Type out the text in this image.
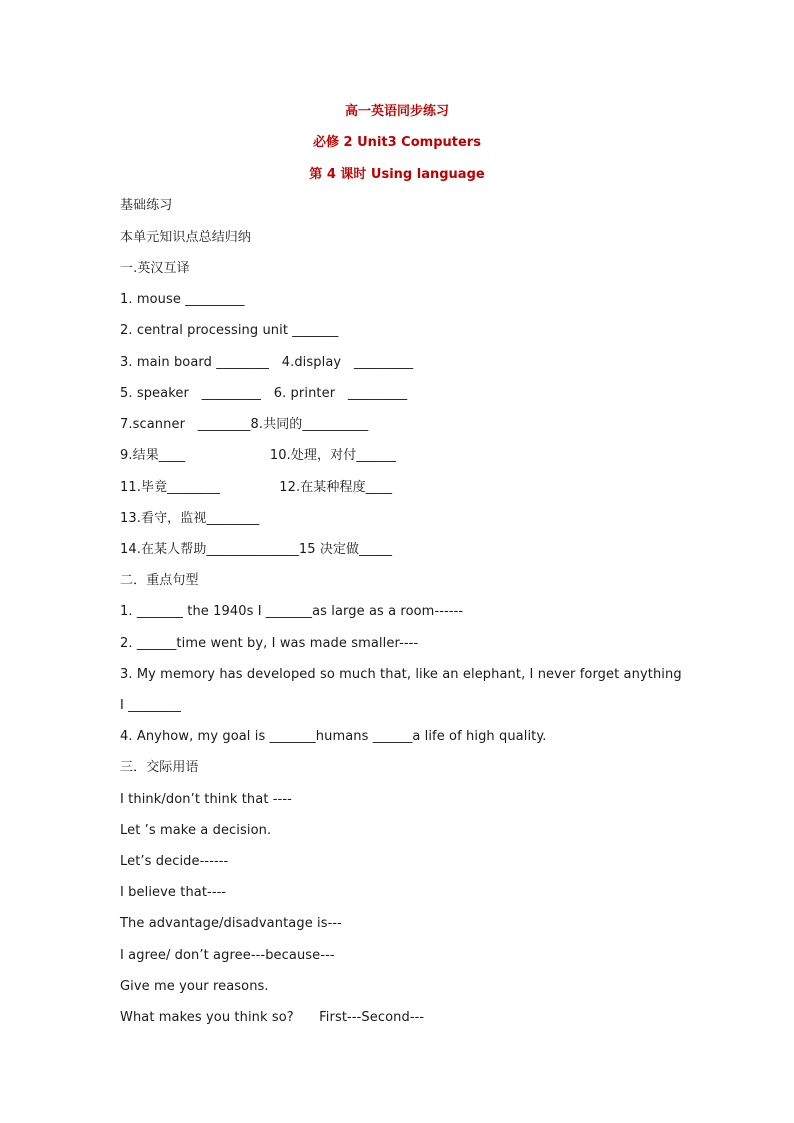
高一英语同步练习
必修 2 Unit3 Computers
第 4 课时 Using language
基础练习
本单元知识点总结归纳
一.英汉互译
1. mouse _________
2. central processing unit _______
3. main board ________   4.display   _________
5. speaker   _________   6. printer   _________
7.scanner   ________8.共同的__________
9.结果____                    10.处理，对付______
11.毕竟________              12.在某种程度____
13.看守，监视________
14.在某人帮助______________15 决定做_____
二．重点句型
1. _______ the 1940s I _______as large as a room------
2. ______time went by, I was made smaller----
3. My memory has developed so much that, like an elephant, I never forget anything
I ________
4. Anyhow, my goal is _______humans ______a life of high quality.
三．交际用语
I think/don’t think that ----
Let ’s make a decision.
Let’s decide------
I believe that----
The advantage/disadvantage is---
I agree/ don’t agree---because---
Give me your reasons.
What makes you think so?      First---Second---
